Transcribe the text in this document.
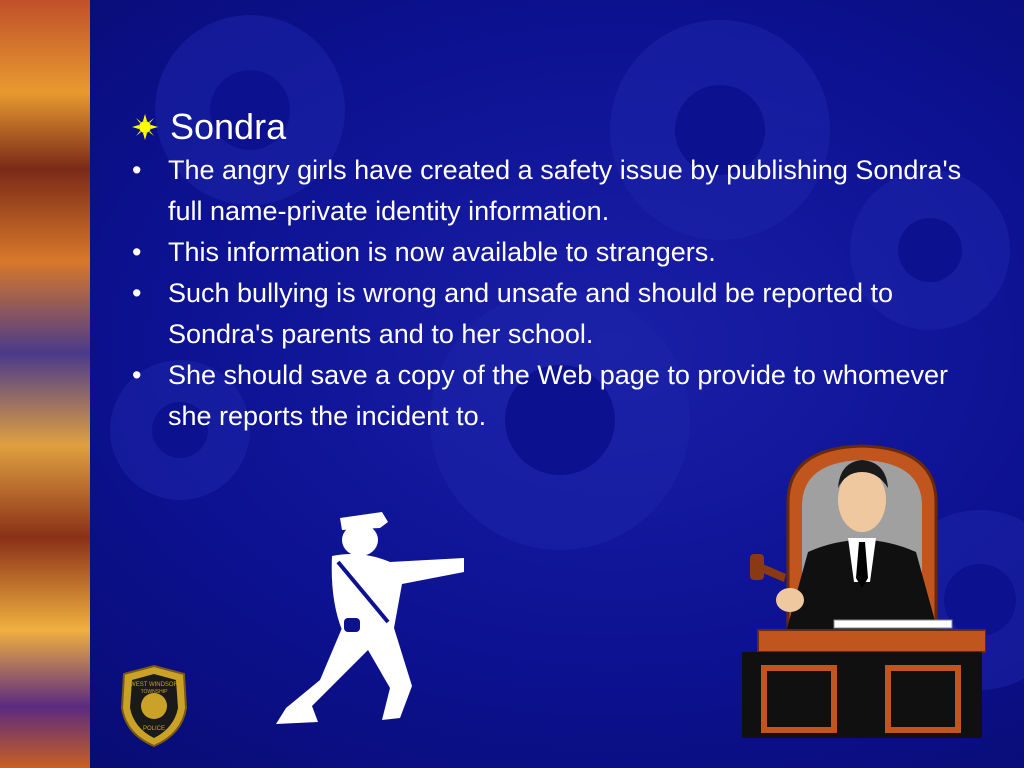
Sondra
• The angry girls have created a safety issue by publishing Sondra's full name-private identity information.
• This information is now available to strangers.
• Such bullying is wrong and unsafe and should be reported to Sondra's parents and to her school.
• She should save a copy of the Web page to provide to whomever she reports the incident to.
WEST WINDSOR
TOWNSHIP
POLICE
